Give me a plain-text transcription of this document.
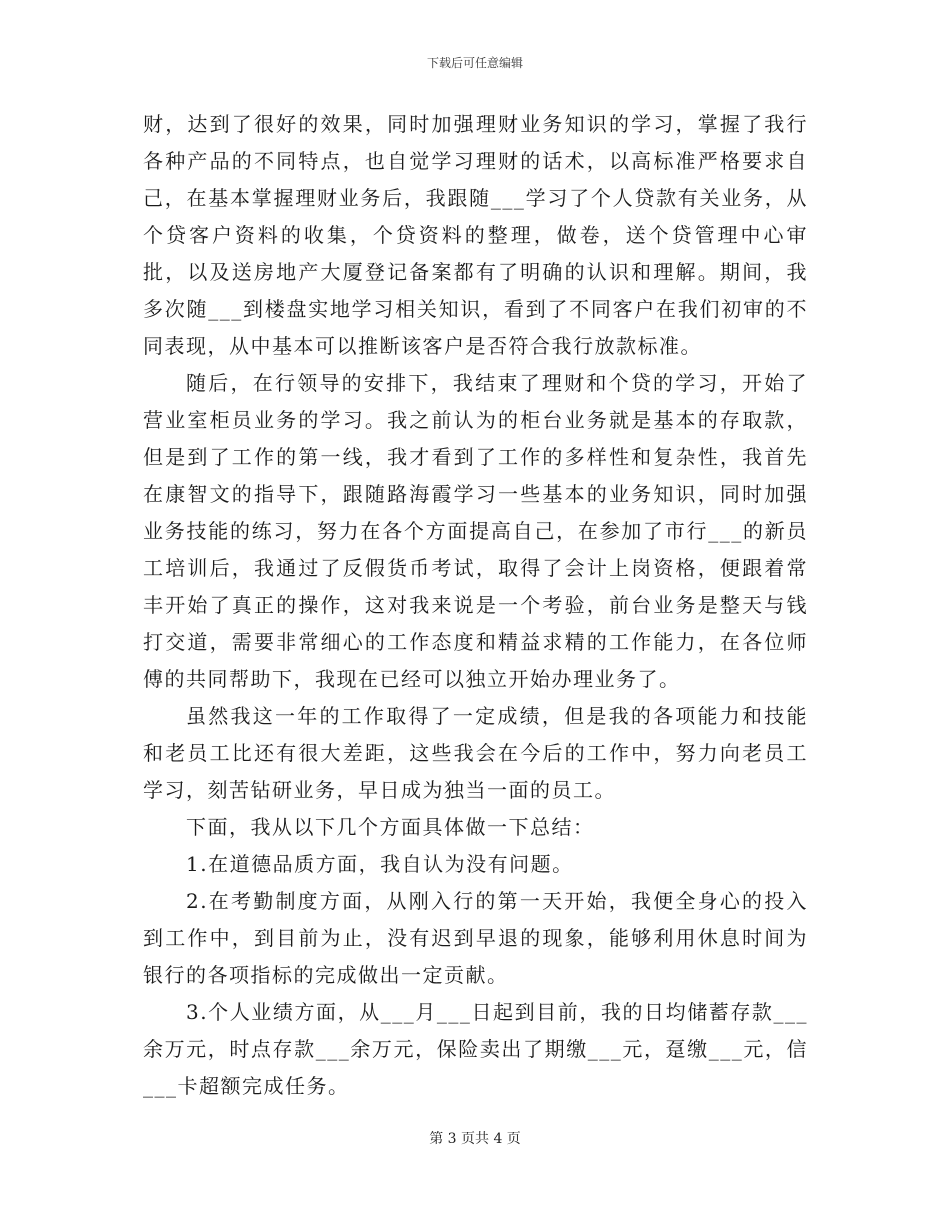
下载后可任意编辑

财，达到了很好的效果，同时加强理财业务知识的学习，掌握了我行各种产品的不同特点，也自觉学习理财的话术，以高标准严格要求自己，在基本掌握理财业务后，我跟随___学习了个人贷款有关业务，从个贷客户资料的收集，个贷资料的整理，做卷，送个贷管理中心审批，以及送房地产大厦登记备案都有了明确的认识和理解。期间，我多次随___到楼盘实地学习相关知识，看到了不同客户在我们初审的不同表现，从中基本可以推断该客户是否符合我行放款标准。

随后，在行领导的安排下，我结束了理财和个贷的学习，开始了营业室柜员业务的学习。我之前认为的柜台业务就是基本的存取款，但是到了工作的第一线，我才看到了工作的多样性和复杂性，我首先在康智文的指导下，跟随路海霞学习一些基本的业务知识，同时加强业务技能的练习，努力在各个方面提高自己，在参加了市行___的新员工培训后，我通过了反假货币考试，取得了会计上岗资格，便跟着常丰开始了真正的操作，这对我来说是一个考验，前台业务是整天与钱打交道，需要非常细心的工作态度和精益求精的工作能力，在各位师傅的共同帮助下，我现在已经可以独立开始办理业务了。

虽然我这一年的工作取得了一定成绩，但是我的各项能力和技能和老员工比还有很大差距，这些我会在今后的工作中，努力向老员工学习，刻苦钻研业务，早日成为独当一面的员工。

下面，我从以下几个方面具体做一下总结：

1.在道德品质方面，我自认为没有问题。

2.在考勤制度方面，从刚入行的第一天开始，我便全身心的投入到工作中，到目前为止，没有迟到早退的现象，能够利用休息时间为银行的各项指标的完成做出一定贡献。

3.个人业绩方面，从___月___日起到目前，我的日均储蓄存款___余万元，时点存款___余万元，保险卖出了期缴___元，趸缴___元，信___卡超额完成任务。

第 3 页共 4 页
